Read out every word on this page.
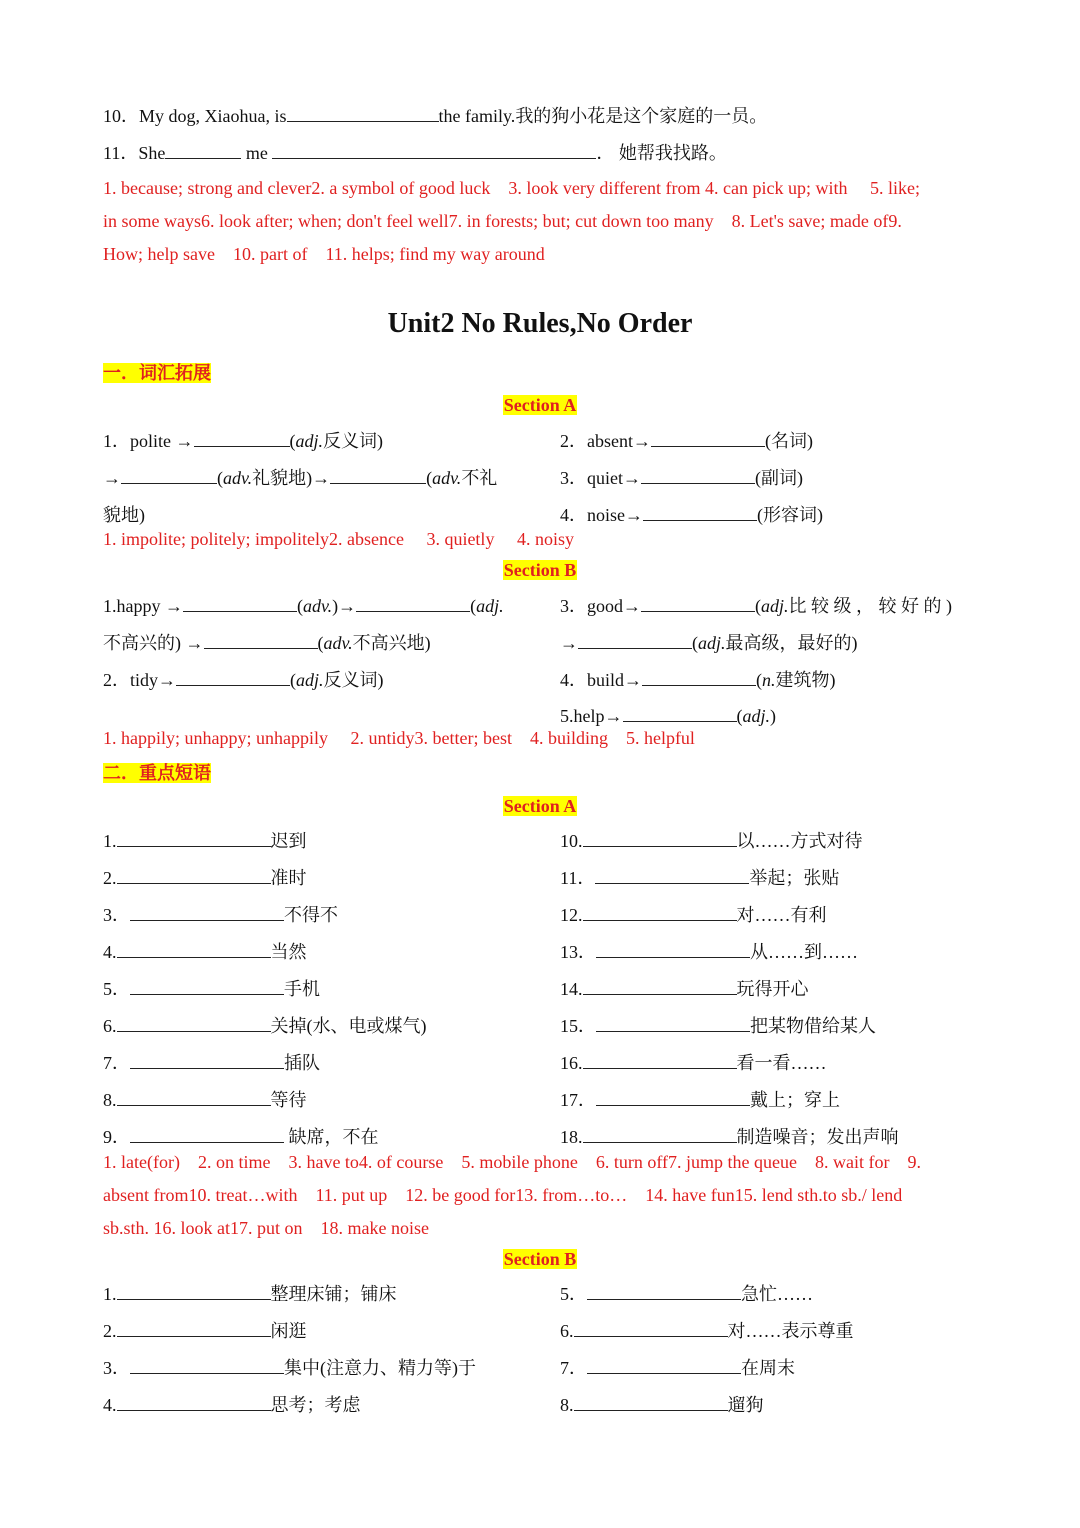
10．My dog, Xiaohua, is	the family.我的狗小花是这个家庭的一员。
11．She	me	． 她帮我找路。
1. because; strong and clever2. a symbol of good luck　3. look very different from 4. can pick up; with　 5. like;
in some ways6. look after; when; don't feel well7. in forests; but; cut down too many　8. Let's save; made of9.
How; help save　10. part of　11. helps; find my way around
Unit2 No Rules,No Order
一．词汇拓展
Section A
1．polite →	(adj.反义词)
→	(adv.礼貌地)→	(adv.不礼
貌地)
2．absent→	(名词)
3．quiet→	(副词)
4．noise→	(形容词)
1. impolite; politely; impolitely2. absence　 3. quietly　 4. noisy
Section B
1.happy →	(adv.)→	(adj.
不高兴的) →	(adv.不高兴地)
2．tidy→	(adj.反义词)
3．good→	(adj.比 较 级 ， 较 好 的 )
→	(adj.最高级，最好的)
4．build→	(n.建筑物)
5.help→	(adj.)
1. happily; unhappy; unhappily　 2. untidy3. better; best　4. building　5. helpful
二．重点短语
Section A
1.	迟到
2.	准时
3．	不得不
4.	当然
5．	手机
6.	关掉(水、电或煤气)
7．	插队
8.	等待
9．	缺席，不在
10.	以……方式对待
11．	举起；张贴
12.	对……有利
13．	从……到……
14.	玩得开心
15．	把某物借给某人
16.	看一看……
17．	戴上；穿上
18.	制造噪音；发出声响
1. late(for)　2. on time　3. have to4. of course　5. mobile phone　6. turn off7. jump the queue　8. wait for　9.
absent from10. treat…with　11. put up　12. be good for13. from…to…　14. have fun15. lend sth.to sb./ lend
sb.sth. 16. look at17. put on　18. make noise
Section B
1.	整理床铺；铺床
2.	闲逛
3．	集中(注意力、精力等)于
4.	思考；考虑
5．	急忙……
6.	对……表示尊重
7．	在周末
8.	遛狗
